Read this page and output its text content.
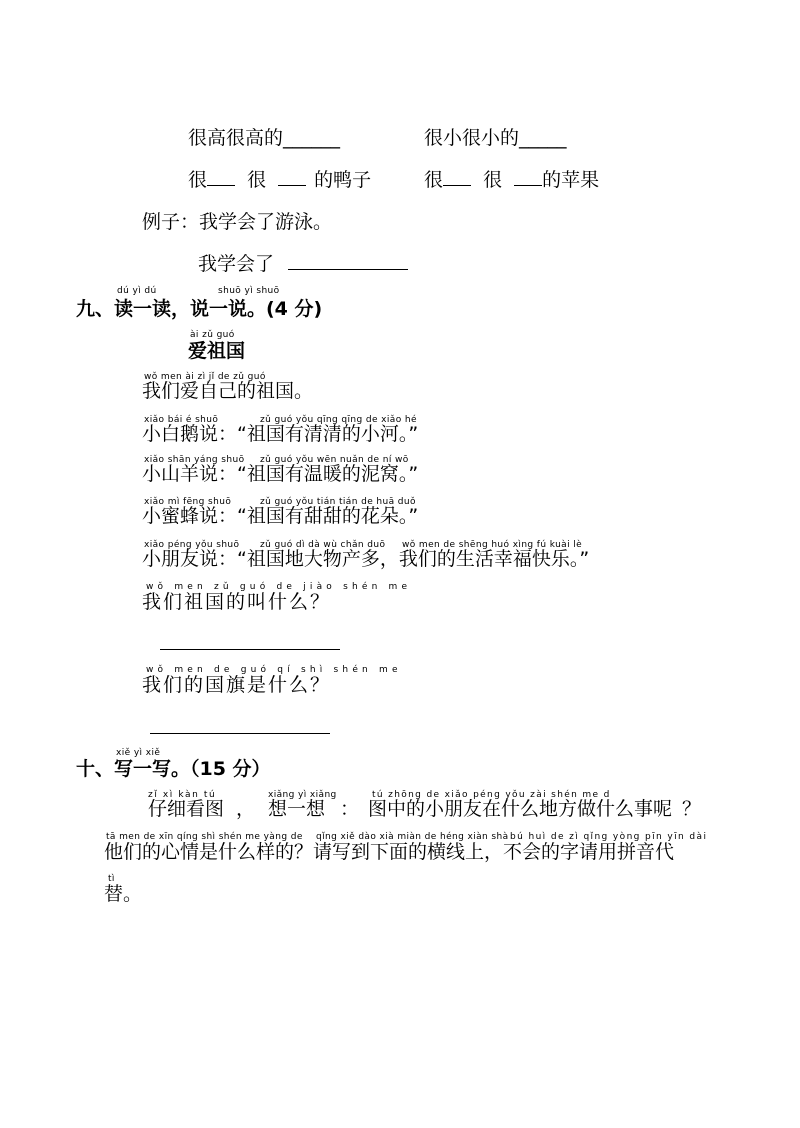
很高很高的______	很小很小的_____
很 很	的鸭子	很 很 的苹果
例子：我学会了游泳。
我学会了
dú yì dú	shuō yì shuō
九、读一读，说一说。(4 分)
ài zǔ guó
爱祖国
wǒ men ài zì jǐ de zǔ guó
我们爱自己的祖国。
xiǎo bái é shuō	zǔ guó yǒu qīng qīng de xiǎo hé
小白鹅说：“祖国有清清的小河。”
xiǎo shān yáng shuō zǔ guó yǒu wēn nuǎn de ní wō
小山羊说：“祖国有温暖的泥窝。”
xiǎo mì fēng shuō	zǔ guó yǒu tián tián de huā duǒ
小蜜蜂说：“祖国有甜甜的花朵。”
xiǎo péng yǒu shuō zǔ guó dì dà wù chǎn duō wǒ men de shēng huó xìng fú kuài lè
小朋友说：“祖国地大物产多，我们的生活幸福快乐。”
wǒ men zǔ guó de jiào shén me
我们祖国的叫什么？
wǒ men de guó qí shì shén me
我们的国旗是什么？
xiě yì xiě
十、写一写。（15 分）
zǐ xì kàn tú	xiǎng yì xiǎng	tú zhōng de xiǎo péng yǒu zài shén me d
仔细看图 ， 想一想 ： 图中的小朋友在什么地方做什么事呢 ？
tā men de xīn qíng shì shén me yàng de qǐng xiě dào xià miàn de héng xiàn shà bú huì de zì qǐng yòng pīn yīn dài
他们的心情是什么样的？请写到下面的横线上，不会的字请用拼音代
tì
替。
